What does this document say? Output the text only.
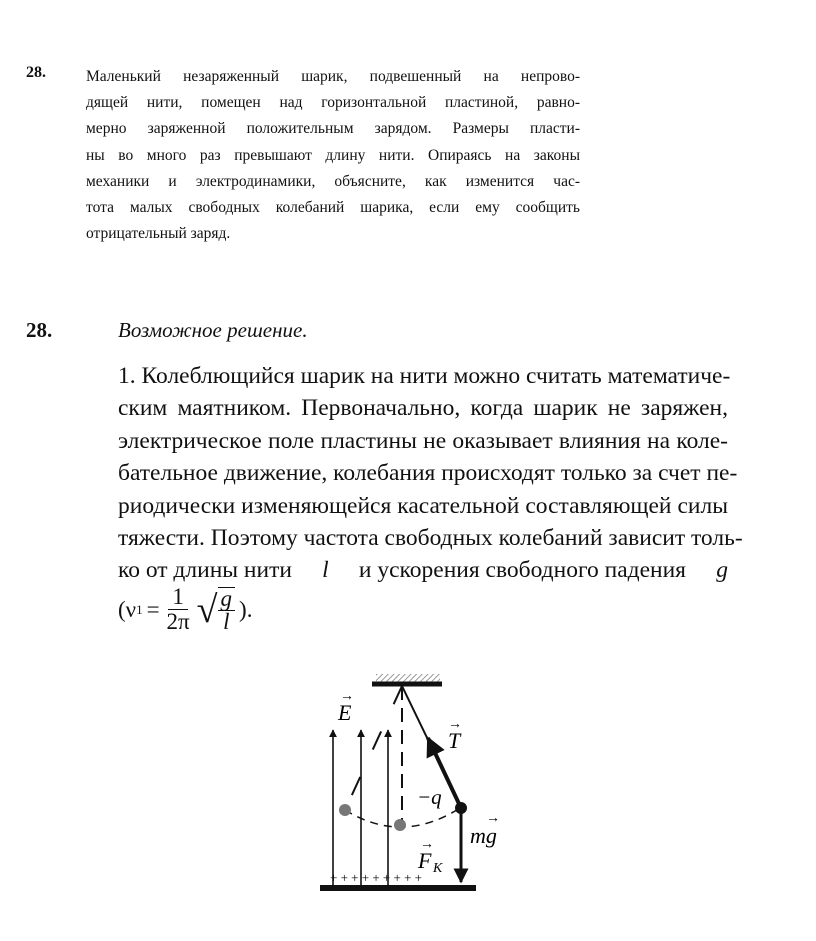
28.	Маленький незаряженный шарик, подвешенный на непрово-
дящей нити, помещен над горизонтальной пластиной, равно-
мерно заряженной положительным зарядом. Размеры пласти-
ны во много раз превышают длину нити. Опираясь на законы
механики и электродинамики, объясните, как изменится час-
тота малых свободных колебаний шарика, если ему сообщить
отрицательный заряд.
28.	Возможное решение.
1. Колеблющийся шарик на нити можно считать математиче-
ским маятником. Первоначально, когда шарик не заряжен,
электрическое поле пластины не оказывает влияния на коле-
бательное движение, колебания происходят только за счет пе-
риодически изменяющейся касательной составляющей силы
тяжести. Поэтому частота свободных колебаний зависит толь-
ко от длины нити l и ускорения свободного падения g
(ν $1 = \frac{1}{2\pi}$ √ $\frac{g}{l}$ ).
+ + + + + + + + +
E
→
T
→
−q
mg
→
F K
→
